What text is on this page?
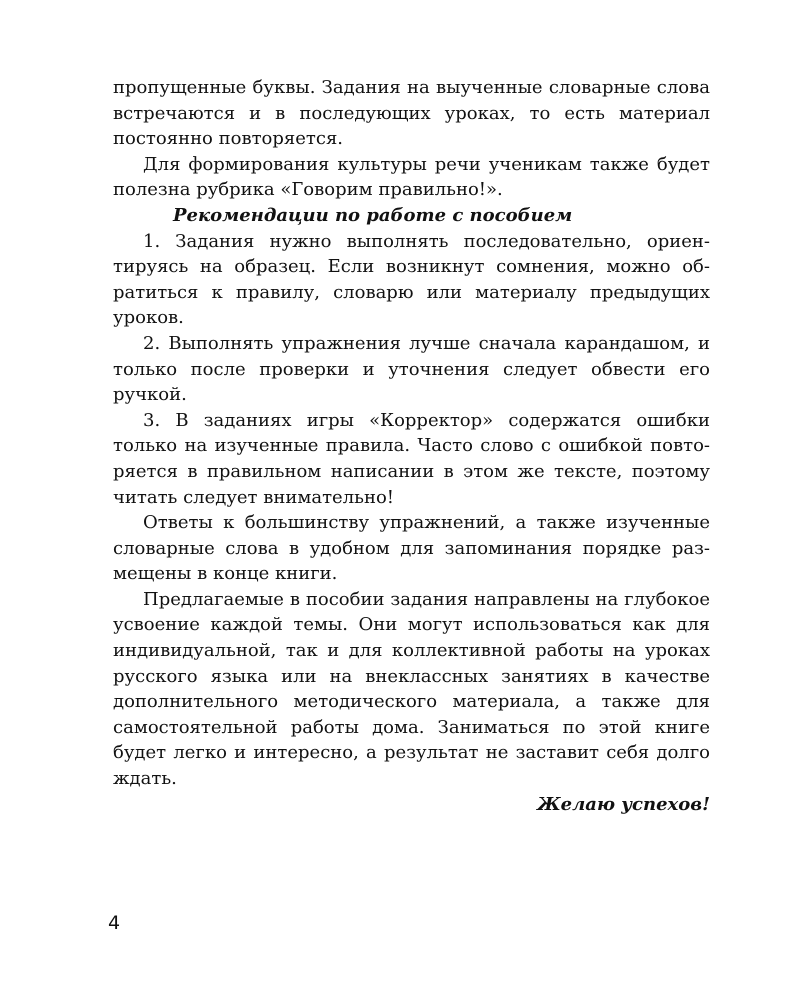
пропущенные буквы. Задания на выученные словарные слова встречаются и в последующих уроках, то есть материал постоянно повторяется.

Для формирования культуры речи ученикам также будет полезна рубрика «Говорим правильно!».

Рекомендации по работе с пособием

1. Задания нужно выполнять последовательно, ориентируясь на образец. Если возникнут сомнения, можно обратиться к правилу, словарю или материалу предыдущих уроков.

2. Выполнять упражнения лучше сначала карандашом, и только после проверки и уточнения следует обвести его ручкой.

3. В заданиях игры «Корректор» содержатся ошибки только на изученные правила. Часто слово с ошибкой повторяется в правильном написании в этом же тексте, поэтому читать следует внимательно!

Ответы к большинству упражнений, а также изученные словарные слова в удобном для запоминания порядке размещены в конце книги.

Предлагаемые в пособии задания направлены на глубокое усвоение каждой темы. Они могут использоваться как для индивидуальной, так и для коллективной работы на уроках русского языка или на внеклассных занятиях в качестве дополнительного методического материала, а также для самостоятельной работы дома. Заниматься по этой книге будет легко и интересно, а результат не заставит себя долго ждать.

Желаю успехов!

4
